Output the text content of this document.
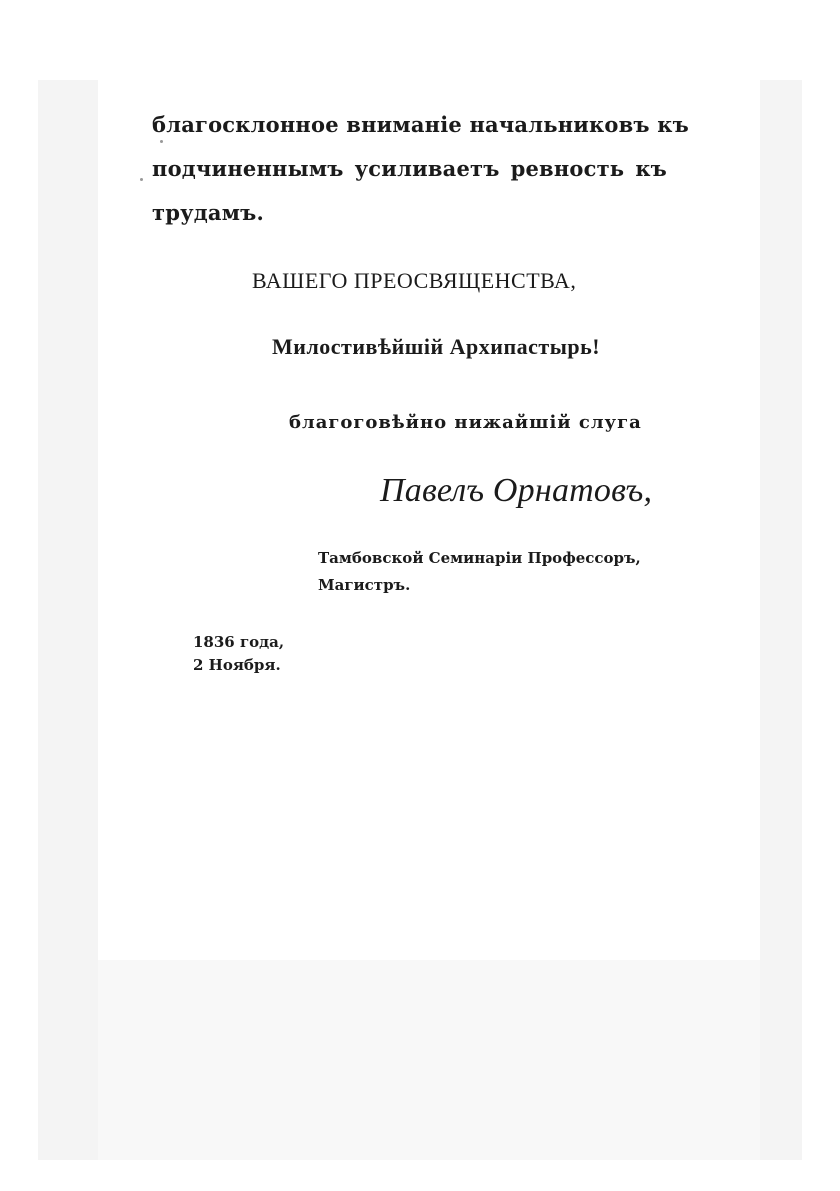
благосклонное вниманіе начальниковъ къ
подчиненнымъ усиливаетъ ревность къ
трудамъ.
ВАШЕГО ПРЕОСВЯЩЕНСТВА,
Милостивѣйшій Архипастырь!
благоговѣйно нижайшій слуга
Павелъ Орнатовъ,
Тамбовской Семинаріи Профессоръ,
Магистръ.
1836 года,
2 Ноября.
